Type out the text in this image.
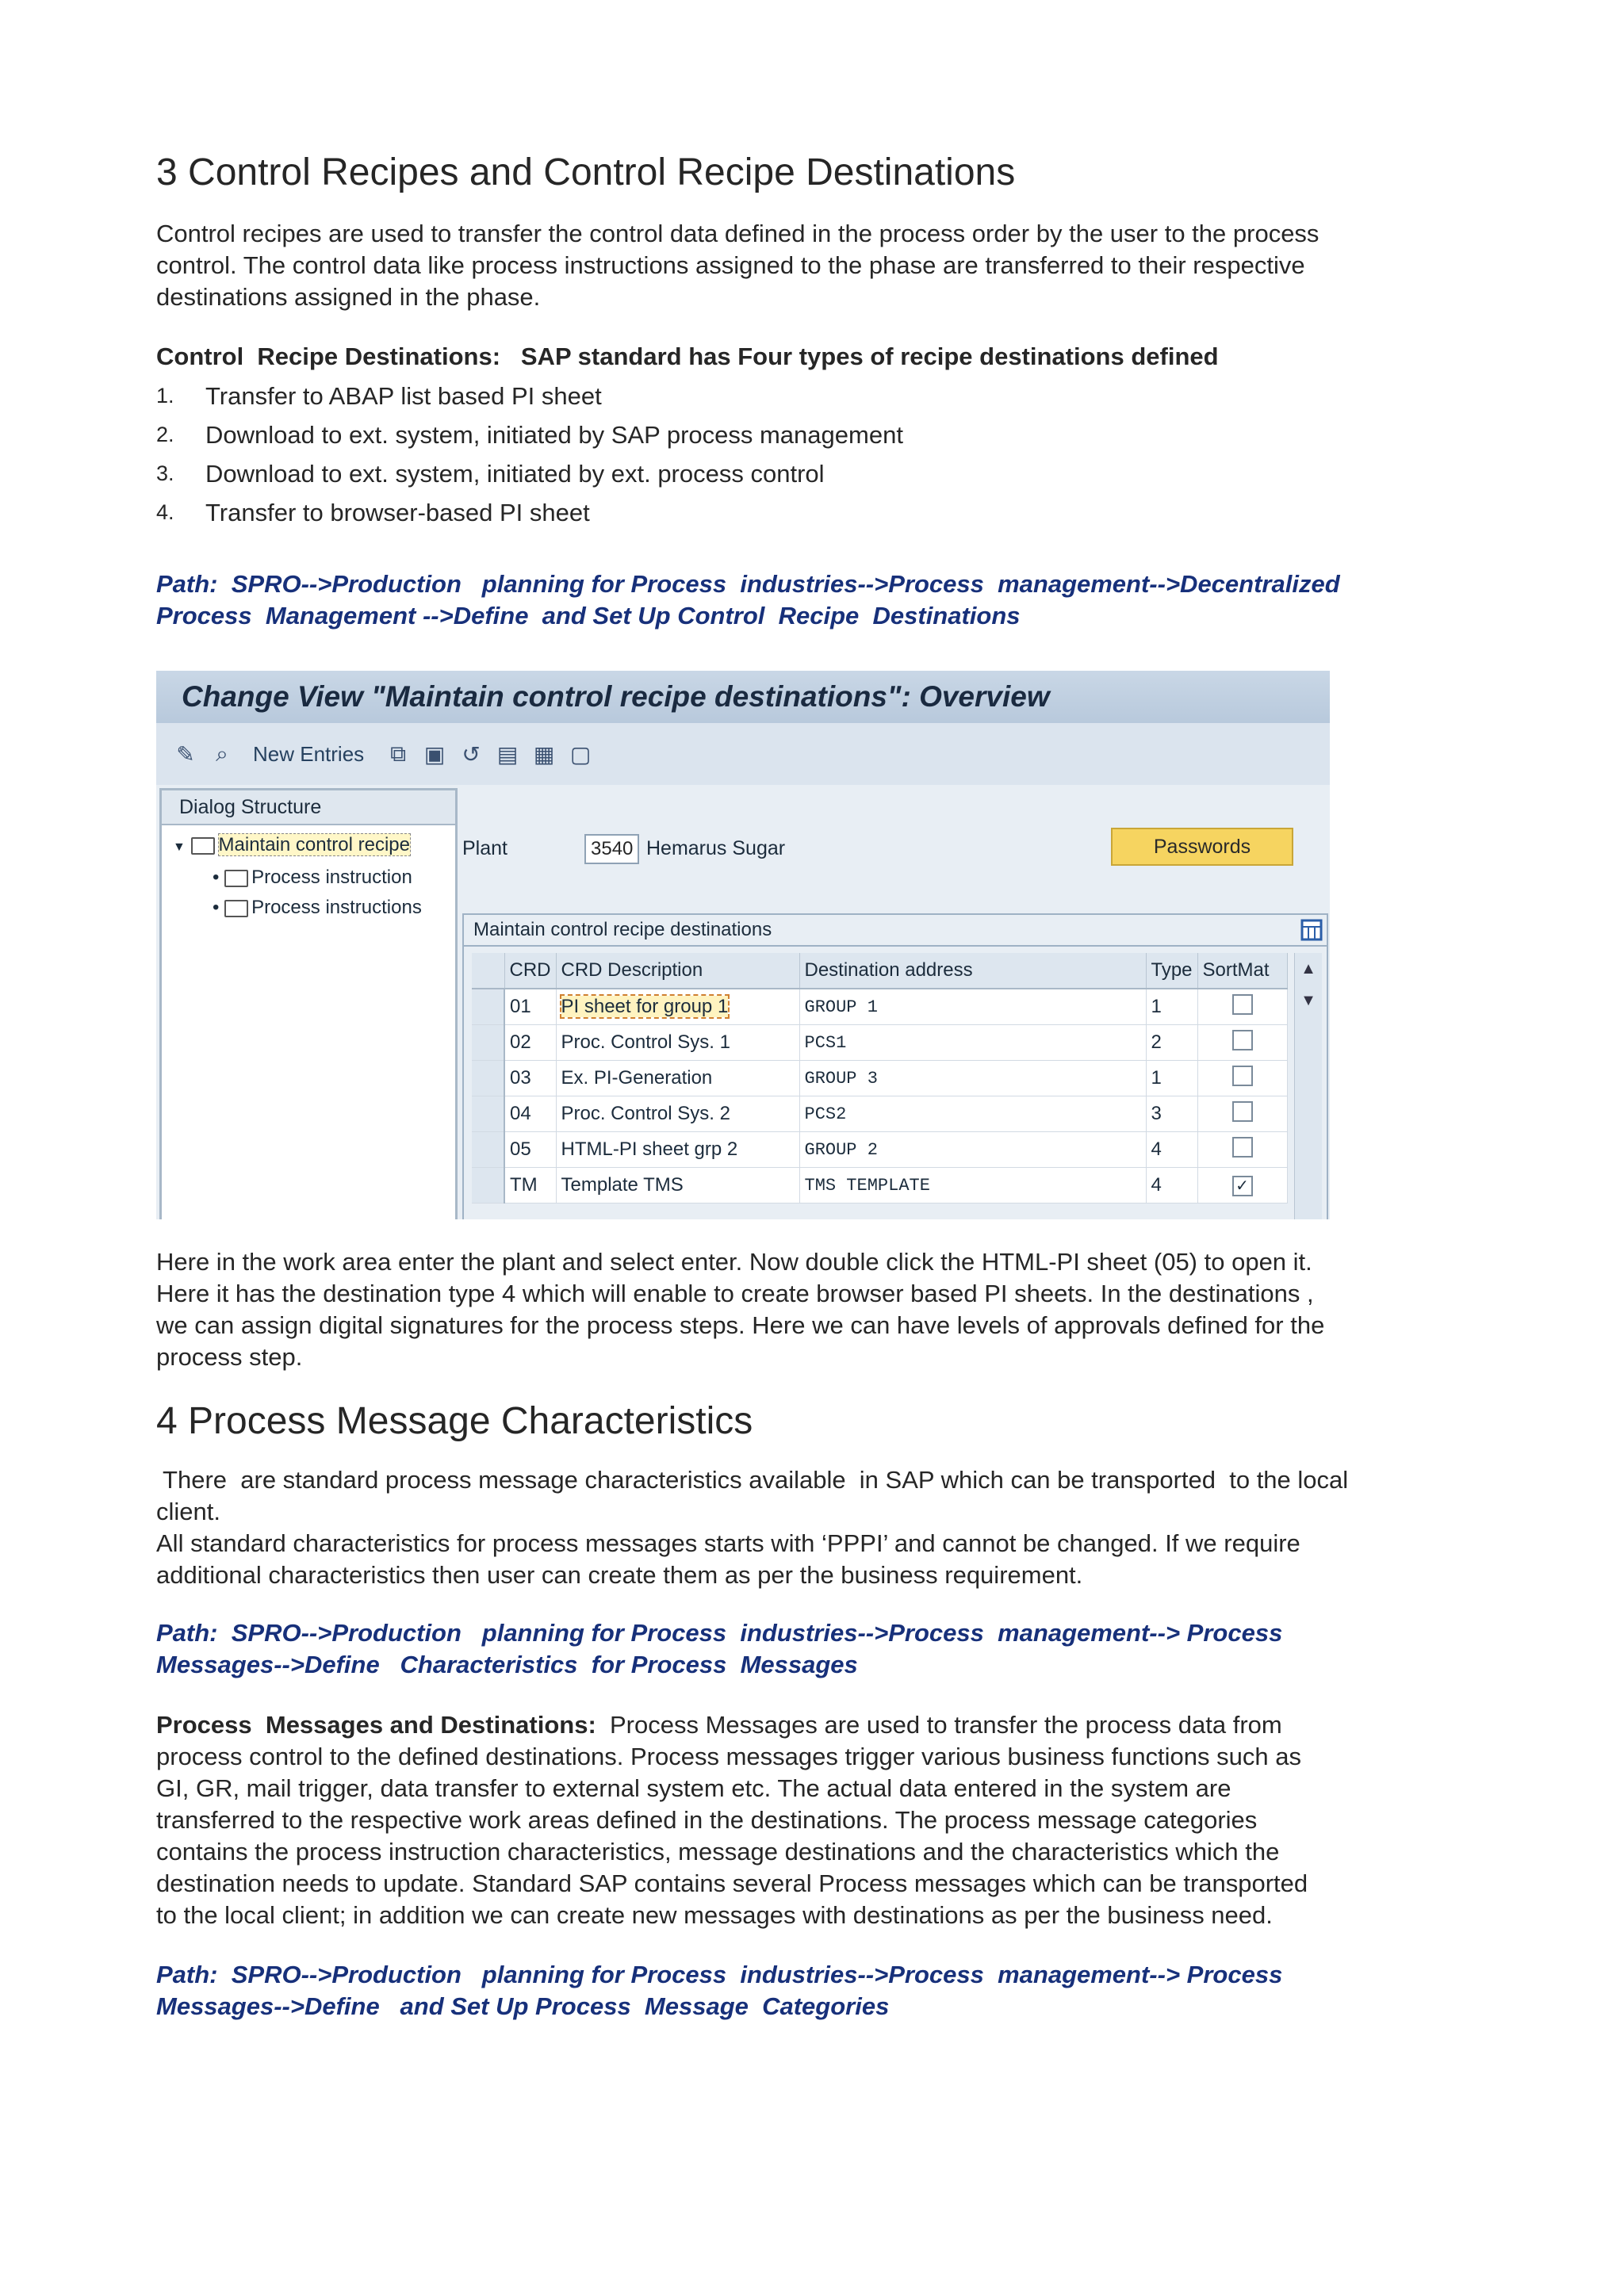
3 Control Recipes and Control Recipe Destinations

Control recipes are used to transfer the control data defined in the process order by the user to the process

control. The control data like process instructions assigned to the phase are transferred to their respective

destinations assigned in the phase.

Control  Recipe Destinations:   SAP standard has Four types of recipe destinations defined

1. Transfer to ABAP list based PI sheet
2. Download to ext. system, initiated by SAP process management
3. Download to ext. system, initiated by ext. process control
4. Transfer to browser-based PI sheet

Path:  SPRO-->Production   planning for Process  industries-->Process  management-->Decentralized

Process  Management -->Define  and Set Up Control  Recipe  Destinations

Change View "Maintain control recipe destinations": Overview
✎ ⌕ New Entries ⧉ ▣ ↺ ▤ ▦ ▢
Dialog Structure
▼ Maintain control recipe
• Process instruction
• Process instructions
Plant	3540 Hemarus Sugar	Passwords
Maintain control recipe destinations
	CRD	CRD Description	Destination address	Type	SortMat
	01	PI sheet for group 1	GROUP 1	1	
	02	Proc. Control Sys. 1	PCS1	2	
	03	Ex. PI-Generation	GROUP 3	1	
	04	Proc. Control Sys. 2	PCS2	3	
	05	HTML-PI sheet grp 2	GROUP 2	4	
	TM	Template TMS	TMS TEMPLATE	4	✓
▲
▼

Here in the work area enter the plant and select enter. Now double click the HTML-PI sheet (05) to open it.

Here it has the destination type 4 which will enable to create browser based PI sheets. In the destinations ,

we can assign digital signatures for the process steps. Here we can have levels of approvals defined for the

process step.

4 Process Message Characteristics

There  are standard process message characteristics available  in SAP which can be transported  to the local

client.

All standard characteristics for process messages starts with ‘PPPI’ and cannot be changed. If we require

additional characteristics then user can create them as per the business requirement.

Path:  SPRO-->Production   planning for Process  industries-->Process  management--> Process

Messages-->Define   Characteristics  for Process  Messages

Process  Messages and Destinations:  Process Messages are used to transfer the process data from

process control to the defined destinations. Process messages trigger various business functions such as

GI, GR, mail trigger, data transfer to external system etc. The actual data entered in the system are

transferred to the respective work areas defined in the destinations. The process message categories

contains the process instruction characteristics, message destinations and the characteristics which the

destination needs to update. Standard SAP contains several Process messages which can be transported

to the local client; in addition we can create new messages with destinations as per the business need.

Path:  SPRO-->Production   planning for Process  industries-->Process  management--> Process

Messages-->Define   and Set Up Process  Message  Categories
